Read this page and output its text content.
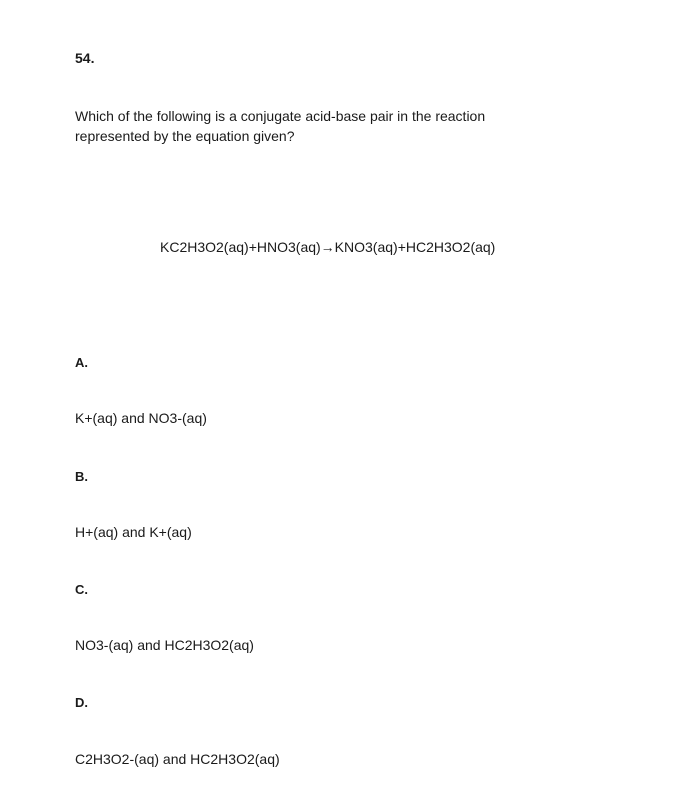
54.
Which of the following is a conjugate acid-base pair in the reaction
represented by the equation given?
KC2H3O2(aq)+HNO3(aq)→KNO3(aq)+HC2H3O2(aq)
A.
K+(aq) and NO3-(aq)
B.
H+(aq) and K+(aq)
C.
NO3-(aq) and HC2H3O2(aq)
D.
C2H3O2-(aq) and HC2H3O2(aq)
